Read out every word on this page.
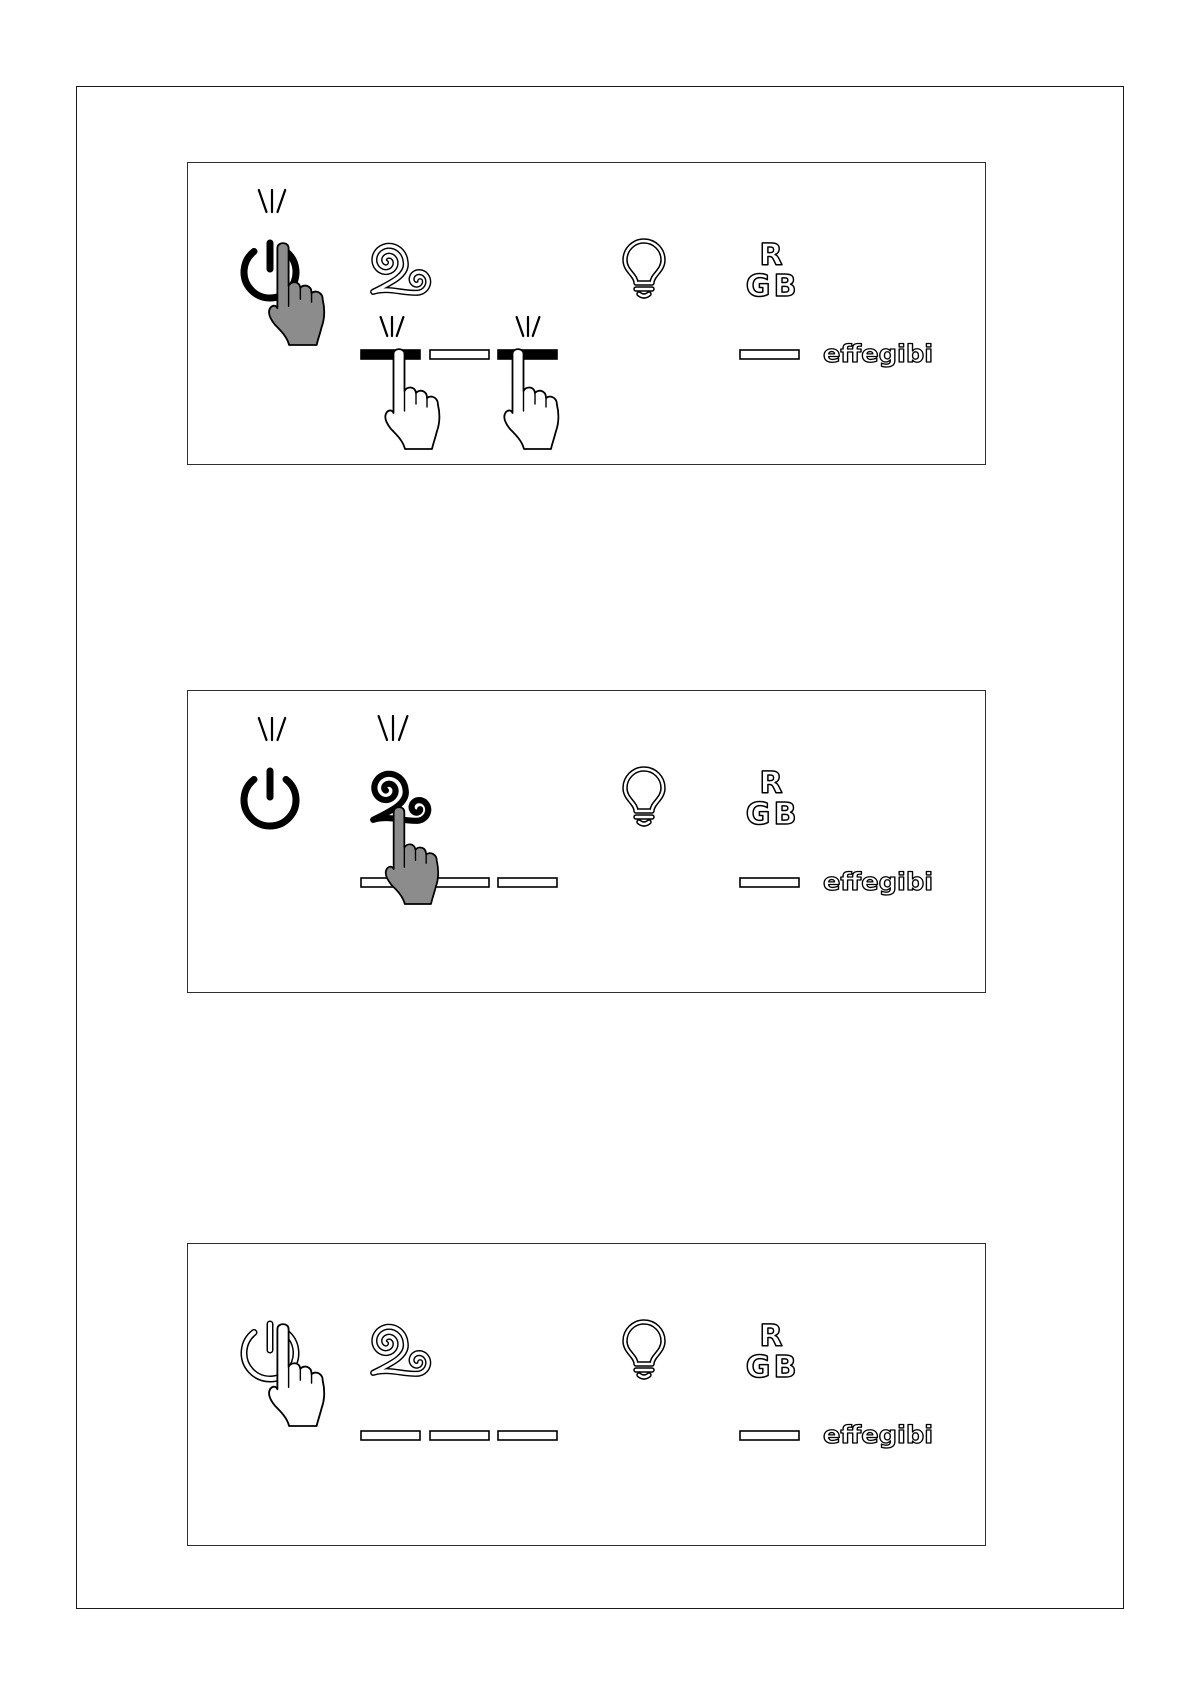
R
G B
effegibi
R
G B
effegibi
R
G B
effegibi
